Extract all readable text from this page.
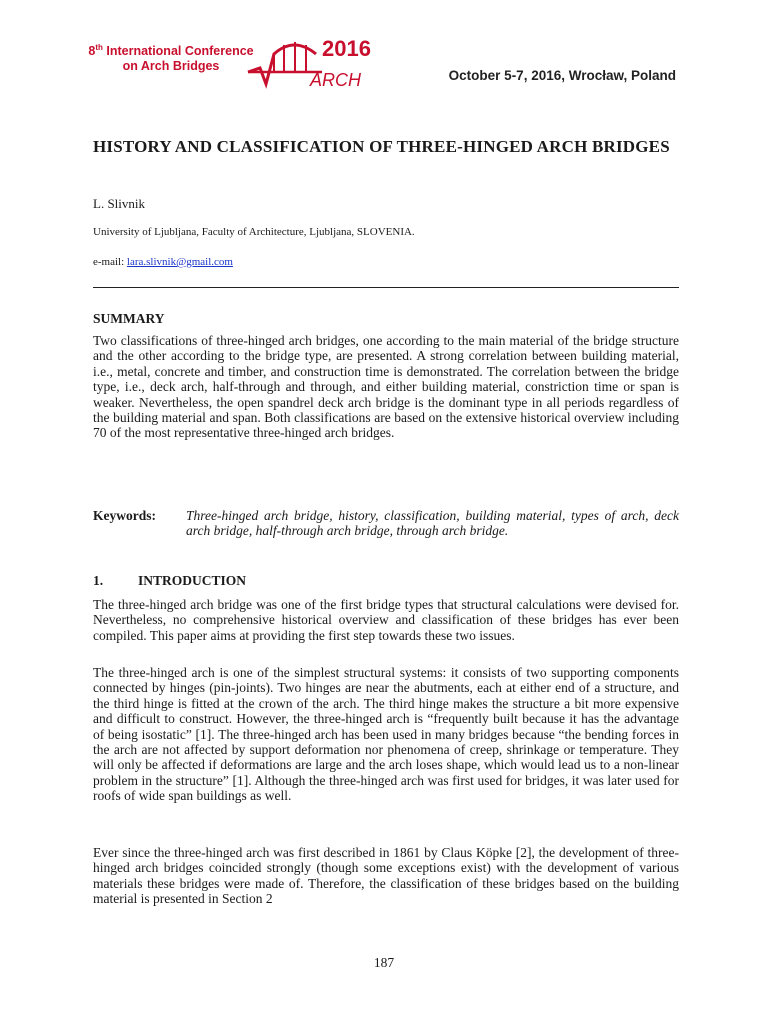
8th International Conference
on Arch Bridges
2016
ARCH	October 5-7, 2016, Wrocław, Poland
HISTORY AND CLASSIFICATION OF THREE-HINGED ARCH BRIDGES
L. Slivnik
University of Ljubljana, Faculty of Architecture, Ljubljana, SLOVENIA.
e-mail: lara.slivnik@gmail.com
SUMMARY

Two classifications of three-hinged arch bridges, one according to the main material of the bridge structure and the other according to the bridge type, are presented. A strong correlation between building material, i.e., metal, concrete and timber, and construction time is demonstrated. The correlation between the bridge type, i.e., deck arch, half-through and through, and either building material, constriction time or span is weaker. Nevertheless, the open spandrel deck arch bridge is the dominant type in all periods regardless of the building material and span. Both classifications are based on the extensive historical overview including 70 of the most representative three-hinged arch bridges.

Keywords: Three-hinged arch bridge, history, classification, building material, types of arch, deck arch bridge, half-through arch bridge, through arch bridge.

1.	INTRODUCTION

The three-hinged arch bridge was one of the first bridge types that structural calculations were devised for. Nevertheless, no comprehensive historical overview and classification of these bridges has ever been compiled. This paper aims at providing the first step towards these two issues.

The three-hinged arch is one of the simplest structural systems: it consists of two supporting components connected by hinges (pin-joints). Two hinges are near the abutments, each at either end of a structure, and the third hinge is fitted at the crown of the arch. The third hinge makes the structure a bit more expensive and difficult to construct. However, the three-hinged arch is “frequently built because it has the advantage of being isostatic” [1]. The three-hinged arch has been used in many bridges because “the bending forces in the arch are not affected by support deformation nor phenomena of creep, shrinkage or temperature. They will only be affected if deformations are large and the arch loses shape, which would lead us to a non-linear problem in the structure” [1]. Although the three-hinged arch was first used for bridges, it was later used for roofs of wide span buildings as well.

Ever since the three-hinged arch was first described in 1861 by Claus Köpke [2], the development of three-hinged arch bridges coincided strongly (though some exceptions exist) with the development of various materials these bridges were made of. Therefore, the classification of these bridges based on the building material is presented in Section 2

187
